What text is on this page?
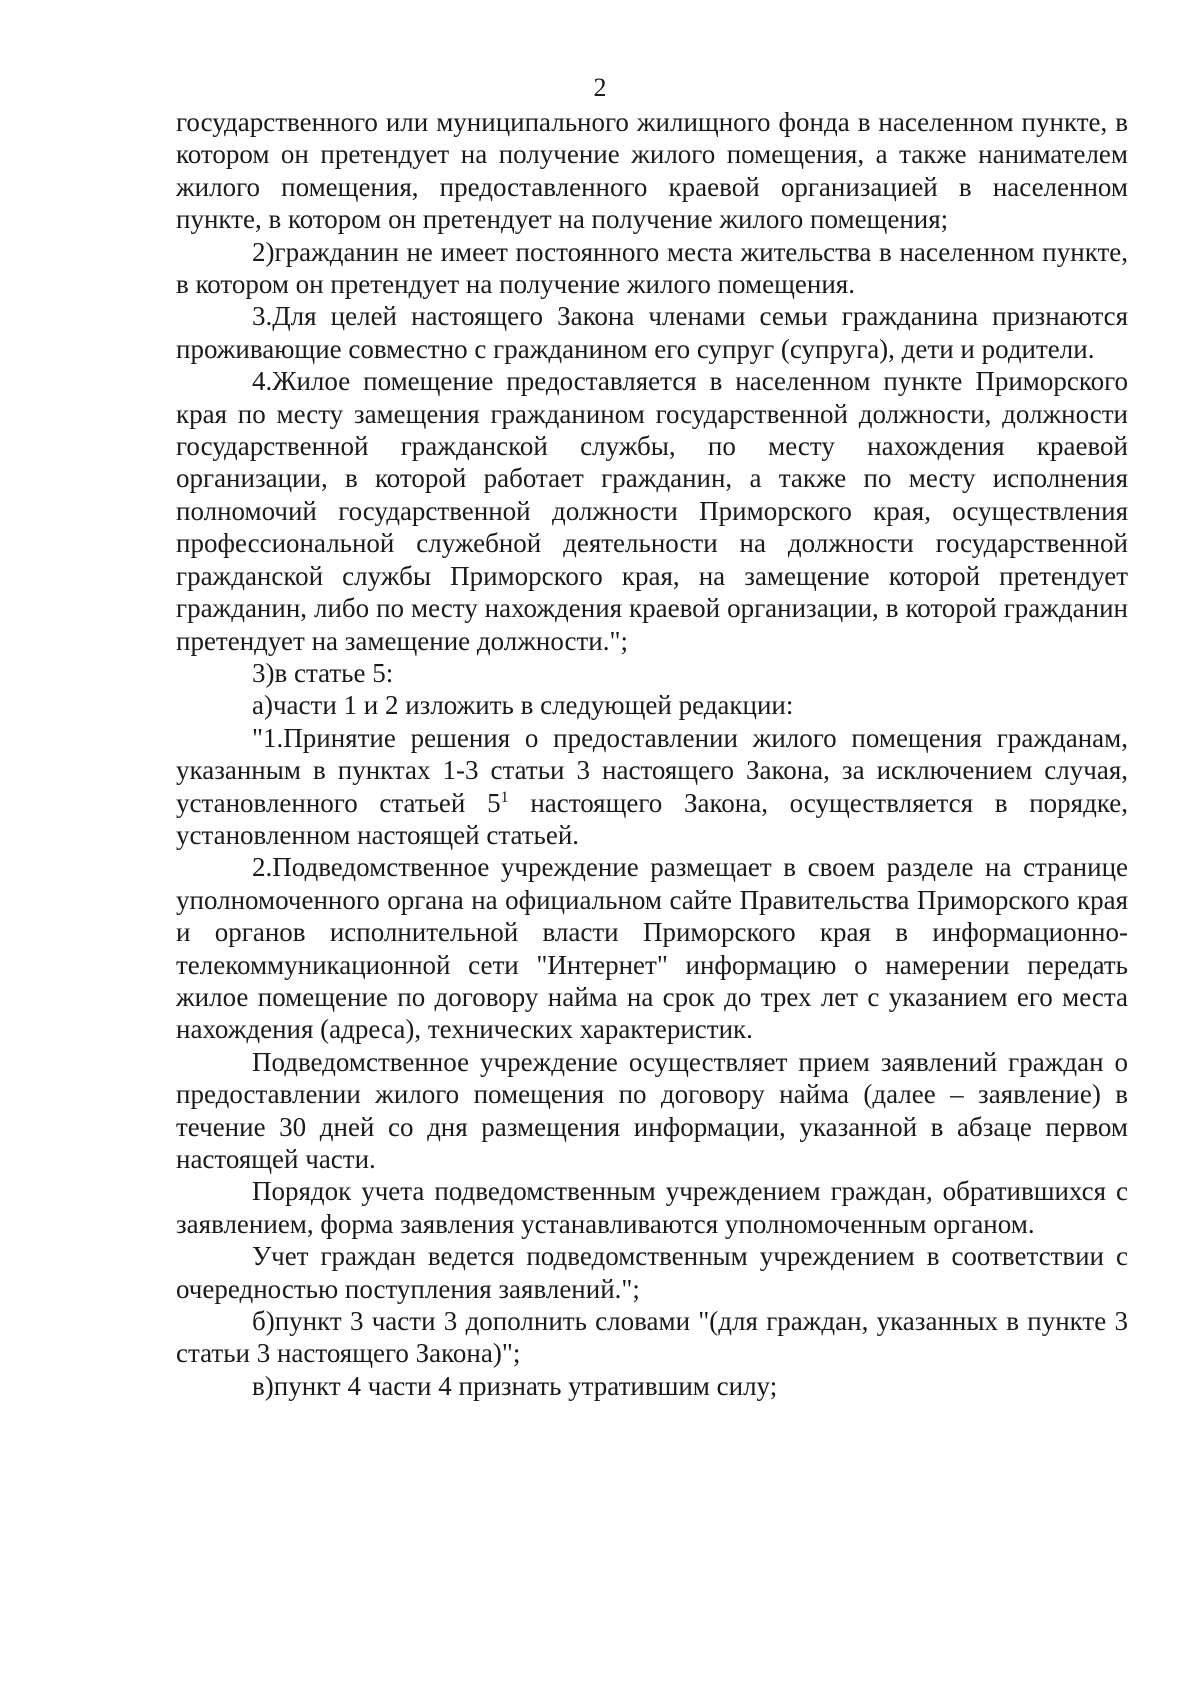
2

государственного или муниципального жилищного фонда в населенном пункте, в котором он претендует на получение жилого помещения, а также нанимателем жилого помещения, предоставленного краевой организацией в населенном пункте, в котором он претендует на получение жилого помещения;

2)гражданин не имеет постоянного места жительства в населенном пункте, в котором он претендует на получение жилого помещения.

3.Для целей настоящего Закона членами семьи гражданина признаются проживающие совместно с гражданином его супруг (супруга), дети и родители.

4.Жилое помещение предоставляется в населенном пункте Приморского края по месту замещения гражданином государственной должности, должности государственной гражданской службы, по месту нахождения краевой организации, в которой работает гражданин, а также по месту исполнения полномочий государственной должности Приморского края, осуществления профессиональной служебной деятельности на должности государственной гражданской службы Приморского края, на замещение которой претендует гражданин, либо по месту нахождения краевой организации, в которой гражданин претендует на замещение должности.";

3)в статье 5:

а)части 1 и 2 изложить в следующей редакции:

"1.Принятие решения о предоставлении жилого помещения гражданам, указанным в пунктах 1-3 статьи 3 настоящего Закона, за исключением случая, установленного статьей $5^1$ настоящего Закона, осуществляется в порядке, установленном настоящей статьей.

2.Подведомственное учреждение размещает в своем разделе на странице уполномоченного органа на официальном сайте Правительства Приморского края и органов исполнительной власти Приморского края в информационно-телекоммуникационной сети "Интернет" информацию о намерении передать жилое помещение по договору найма на срок до трех лет с указанием его места нахождения (адреса), технических характеристик.

Подведомственное учреждение осуществляет прием заявлений граждан о предоставлении жилого помещения по договору найма (далее – заявление) в течение 30 дней со дня размещения информации, указанной в абзаце первом настоящей части.

Порядок учета подведомственным учреждением граждан, обратившихся с заявлением, форма заявления устанавливаются уполномоченным органом.

Учет граждан ведется подведомственным учреждением в соответствии с очередностью поступления заявлений.";

б)пункт 3 части 3 дополнить словами "(для граждан, указанных в пункте 3 статьи 3 настоящего Закона)";

в)пункт 4 части 4 признать утратившим силу;
